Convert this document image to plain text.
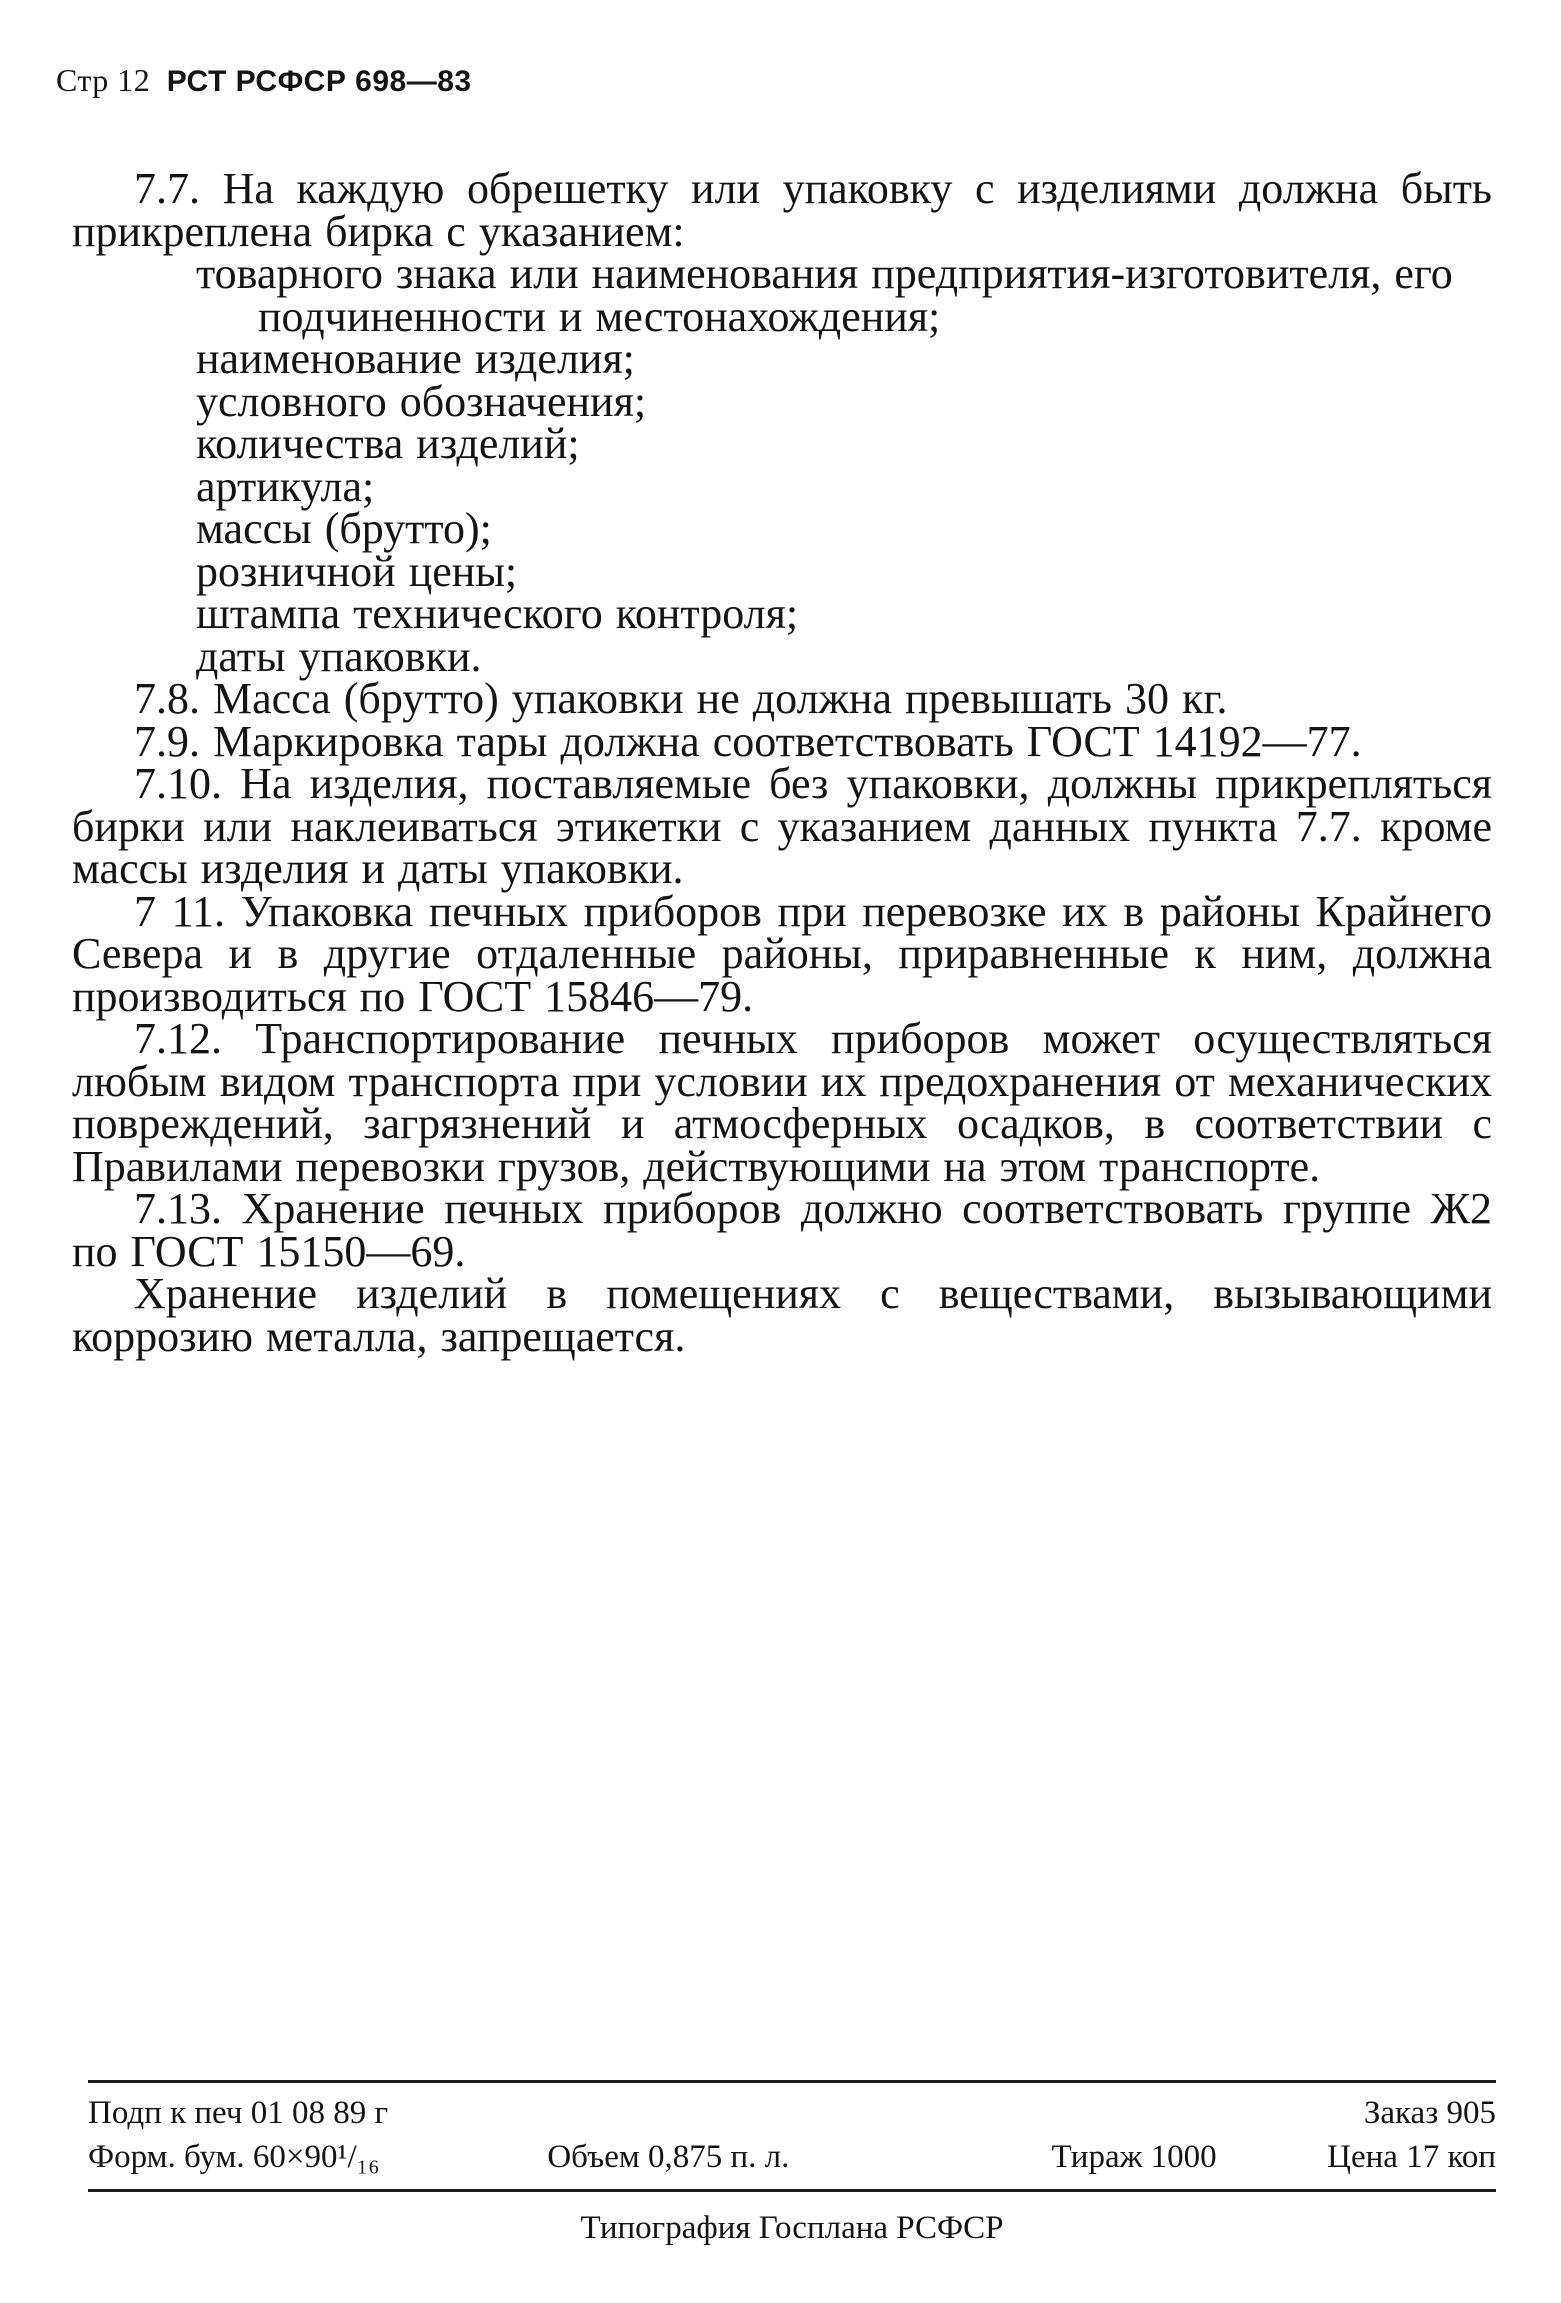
Стр 12 РСТ РСФСР 698—83

7.7. На каждую обрешетку или упаковку с изделиями должна быть прикреплена бирка с указанием:

товарного знака или наименования предприятия-изготовителя, его подчиненности и местонахождения;
наименование изделия;
условного обозначения;
количества изделий;
артикула;
массы (брутто);
розничной цены;
штампа технического контроля;
даты упаковки.

7.8. Масса (брутто) упаковки не должна превышать 30 кг.

7.9. Маркировка тары должна соответствовать ГОСТ 14192—77.

7.10. На изделия, поставляемые без упаковки, должны прикрепляться бирки или наклеиваться этикетки с указанием данных пункта 7.7. кроме массы изделия и даты упаковки.

7 11. Упаковка печных приборов при перевозке их в районы Крайнего Севера и в другие отдаленные районы, приравненные к ним, должна производиться по ГОСТ 15846—79.

7.12. Транспортирование печных приборов может осуществляться любым видом транспорта при условии их предохранения от механических повреждений, загрязнений и атмосферных осадков, в соответствии с Правилами перевозки грузов, действующими на этом транспорте.

7.13. Хранение печных приборов должно соответствовать группе Ж2 по ГОСТ 15150—69.

Хранение изделий в помещениях с веществами, вызывающими коррозию металла, запрещается.

Подп к печ 01 08 89 г	Заказ 905
Форм. бум. 60×90¹/₁₆	Объем 0,875 п. л.	Тираж 1000	Цена 17 коп
Типография Госплана РСФСР
